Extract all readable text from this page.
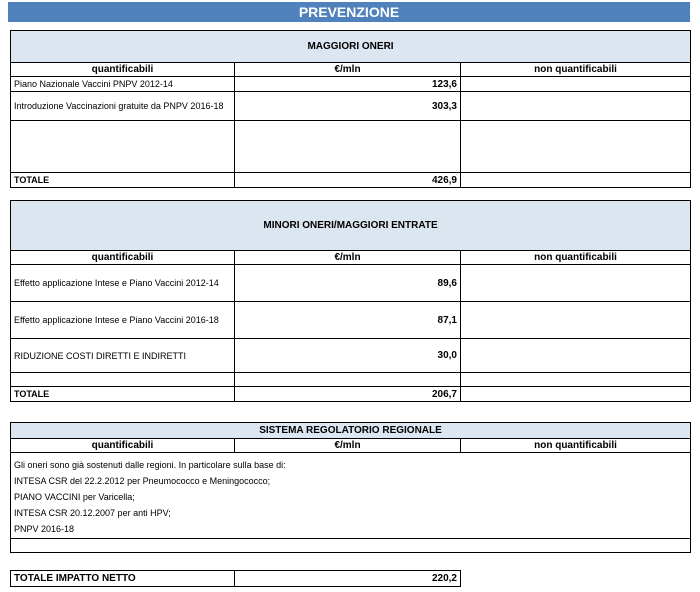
PREVENZIONE
MAGGIORI ONERI		
quantificabili	€/mln	non quantificabili
Piano Nazionale Vaccini PNPV 2012-14	123,6	
Introduzione Vaccinazioni gratuite da PNPV 2016-18	303,3	

TOTALE	426,9	
MINORI ONERI/MAGGIORI ENTRATE		
quantificabili	€/mln	non quantificabili
Effetto applicazione Intese e Piano Vaccini 2012-14	89,6	
Effetto applicazione Intese e Piano Vaccini 2016-18	87,1	
RIDUZIONE COSTI DIRETTI E INDIRETTI	30,0	

TOTALE	206,7	
SISTEMA REGOLATORIO REGIONALE
quantificabili	€/mln	non quantificabili

Gli oneri sono già sostenuti dalle regioni. In particolare sulla base di:
INTESA CSR del 22.2.2012 per Pneumococco e Meningococco;
PIANO VACCINI per Varicella;
INTESA CSR 20.12.2007 per anti HPV;
PNPV 2016-18

TOTALE IMPATTO NETTO	220,2	
